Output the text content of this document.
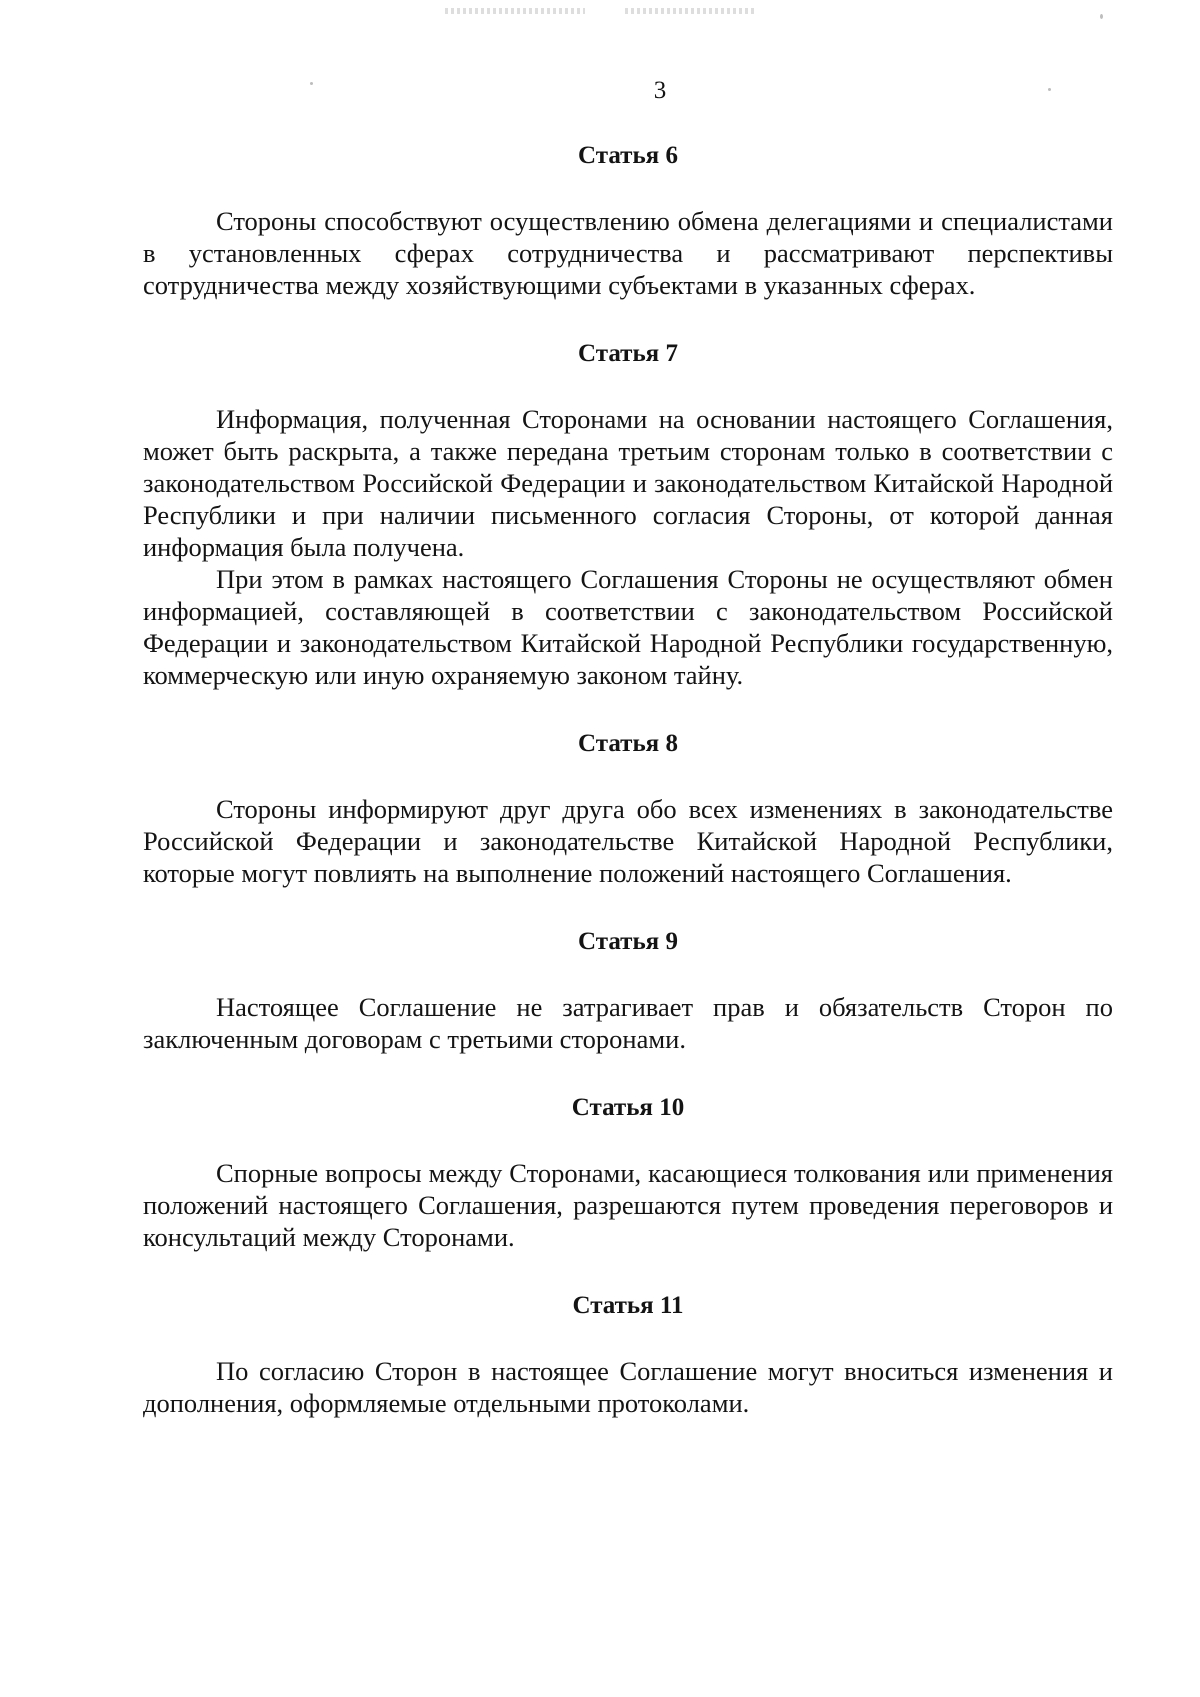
3
Статья 6

Стороны способствуют осуществлению обмена делегациями и специалистами в установленных сферах сотрудничества и рассматривают перспективы сотрудничества между хозяйствующими субъектами в указанных сферах.

Статья 7

Информация, полученная Сторонами на основании настоящего Соглашения, может быть раскрыта, а также передана третьим сторонам только в соответствии с законодательством Российской Федерации и законодательством Китайской Народной Республики и при наличии письменного согласия Стороны, от которой данная информация была получена.

При этом в рамках настоящего Соглашения Стороны не осуществляют обмен информацией, составляющей в соответствии с законодательством Российской Федерации и законодательством Китайской Народной Республики государственную, коммерческую или иную охраняемую законом тайну.

Статья 8

Стороны информируют друг друга обо всех изменениях в законодательстве Российской Федерации и законодательстве Китайской Народной Республики, которые могут повлиять на выполнение положений настоящего Соглашения.

Статья 9

Настоящее Соглашение не затрагивает прав и обязательств Сторон по заключенным договорам с третьими сторонами.

Статья 10

Спорные вопросы между Сторонами, касающиеся толкования или применения положений настоящего Соглашения, разрешаются путем проведения переговоров и консультаций между Сторонами.

Статья 11

По согласию Сторон в настоящее Соглашение могут вноситься изменения и дополнения, оформляемые отдельными протоколами.
